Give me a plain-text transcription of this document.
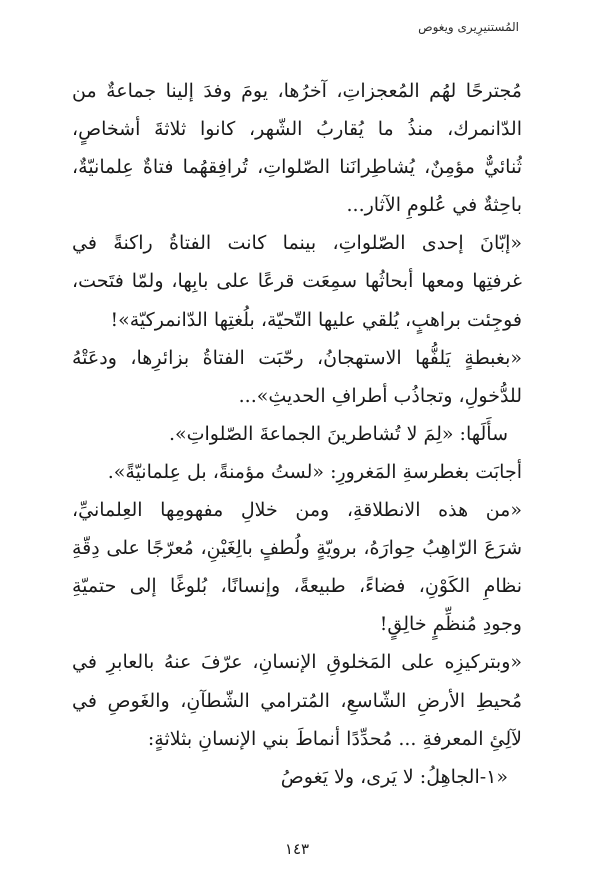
المُستنيرِيرى ويغوص
مُجترحًا لهُم المُعجزاتِ، آخرُها، يومَ وفدَ إلينا جماعةٌ من
الدّانمرك، منذُ ما يُقاربُ الشّهر، كانوا ثلاثةَ أشخاصٍ،
ثُنائيٌّ مؤمِنٌ، يُشاطِرانَنا الصّلواتِ، تُرافِقهُما فتاةٌ عِلمانيّةٌ،
باحِثةٌ في عُلومِ الآثار...
«إبّانَ إحدى الصّلواتِ، بينما كانت الفتاةُ راكنةً في
غرفتِها ومعها أبحاثُها سمِعَت قرعًا على بابِها، ولمّا فتَحت،
فوجِئت براهبٍ، يُلقي عليها التّحيّة، بلُغتِها الدّانمركيّة»!
«بغبطةٍ يَلفُّها الاستهجانُ، رحّبَت الفتاةُ بزائرِها، ودعَتْهُ
للدُّخولِ، وتجاذُب أطرافِ الحديثِ»...
سأَلَها: «لِمَ لا تُشاطرينَ الجماعةَ الصّلواتِ».
أجابَت بغطرسةِ المَغرورِ: «لستُ مؤمنةً، بل عِلمانيّةً».
«من هذه الانطلاقةِ، ومن خلالِ مفهومِها العِلمانيِّ،
شرَعَ الرّاهِبُ حِوارَهُ، برويّةٍ ولُطفٍ بالِغَيْنِ، مُعرّجًا على دِقّةِ
نظامِ الكَوْنِ، فضاءً، طبيعةً، وإنسانًا، بُلوغًا إلى حتميّةِ
وجودِ مُنظِّمٍ خالِقٍ!
«وبتركيزِه على المَخلوقِ الإنسانِ، عرّفَ عنهُ بالعابرِ في
مُحيطِ الأرضِ الشّاسعِ، المُترامي الشّطآنِ، والغَوصِ في
لآلِئِ المعرفةِ ... مُحدِّدًا أنماطَ بني الإنسانِ بثلاثةٍ:
«١-الجاهِلُ: لا يَرى، ولا يَغوصُ
١٤٣
